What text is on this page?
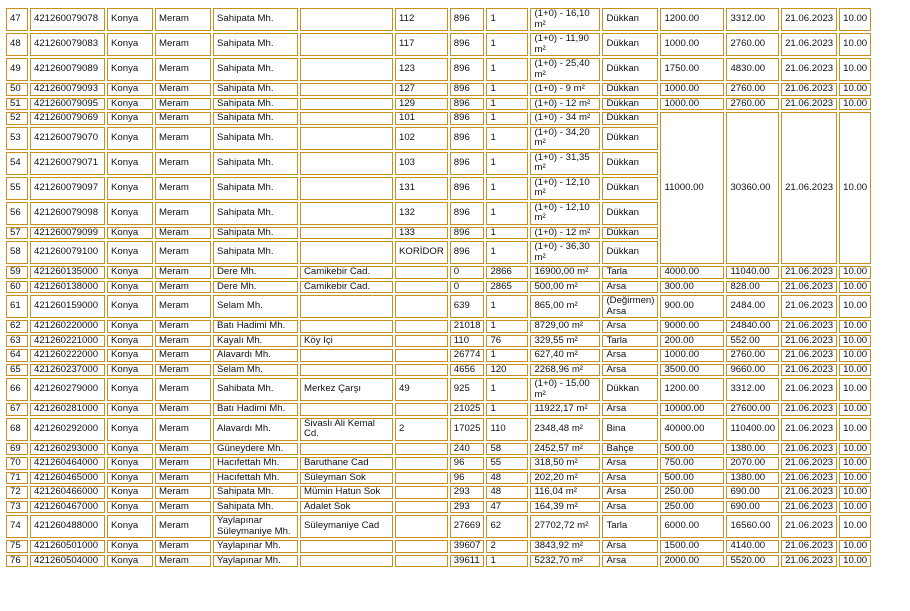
47	421260079078	Konya	Meram	Sahipata Mh.		112	896	1	(1+0) - 16,10 m²	Dükkan	1200.00	3312.00	21.06.2023	10.00
48	421260079083	Konya	Meram	Sahipata Mh.		117	896	1	(1+0) - 11,90 m²	Dükkan	1000.00	2760.00	21.06.2023	10.00
49	421260079089	Konya	Meram	Sahipata Mh.		123	896	1	(1+0) - 25,40 m²	Dükkan	1750.00	4830.00	21.06.2023	10.00
50	421260079093	Konya	Meram	Sahipata Mh.		127	896	1	(1+0) - 9 m²	Dükkan	1000.00	2760.00	21.06.2023	10.00
51	421260079095	Konya	Meram	Sahipata Mh.		129	896	1	(1+0) - 12 m²	Dükkan	1000.00	2760.00	21.06.2023	10.00
52	421260079069	Konya	Meram	Sahipata Mh.		101	896	1	(1+0) - 34 m²	Dükkan	11000.00	30360.00	21.06.2023	10.00
53	421260079070	Konya	Meram	Sahipata Mh.		102	896	1	(1+0) - 34,20 m²	Dükkan				
54	421260079071	Konya	Meram	Sahipata Mh.		103	896	1	(1+0) - 31,35 m²	Dükkan				
55	421260079097	Konya	Meram	Sahipata Mh.		131	896	1	(1+0) - 12,10 m²	Dükkan				
56	421260079098	Konya	Meram	Sahipata Mh.		132	896	1	(1+0) - 12,10 m²	Dükkan				
57	421260079099	Konya	Meram	Sahipata Mh.		133	896	1	(1+0) - 12 m²	Dükkan				
58	421260079100	Konya	Meram	Sahipata Mh.		KORİDOR	896	1	(1+0) - 36,30 m²	Dükkan				
59	421260135000	Konya	Meram	Dere Mh.	Camikebir Cad.		0	2866	16900,00 m²	Tarla	4000.00	11040.00	21.06.2023	10.00
60	421260138000	Konya	Meram	Dere Mh.	Camikebir Cad.		0	2865	500,00 m²	Arsa	300.00	828.00	21.06.2023	10.00
61	421260159000	Konya	Meram	Selam Mh.			639	1	865,00 m²	(Değirmen) Arsa	900.00	2484.00	21.06.2023	10.00
62	421260220000	Konya	Meram	Batı Hadimi Mh.			21018	1	8729,00 m²	Arsa	9000.00	24840.00	21.06.2023	10.00
63	421260221000	Konya	Meram	Kayalı Mh.	Köy İçi		110	76	329,55 m²	Tarla	200.00	552.00	21.06.2023	10.00
64	421260222000	Konya	Meram	Alavardı Mh.			26774	1	627,40 m²	Arsa	1000.00	2760.00	21.06.2023	10.00
65	421260237000	Konya	Meram	Selam Mh.			4656	120	2268,96 m²	Arsa	3500.00	9660.00	21.06.2023	10.00
66	421260279000	Konya	Meram	Sahibata Mh.	Merkez Çarşı	49	925	1	(1+0) - 15,00 m²	Dükkan	1200.00	3312.00	21.06.2023	10.00
67	421260281000	Konya	Meram	Batı Hadimi Mh.			21025	1	11922,17 m²	Arsa	10000.00	27600.00	21.06.2023	10.00
68	421260292000	Konya	Meram	Alavardı Mh.	Sivaslı Ali Kemal Cd.	2	17025	110	2348,48 m²	Bina	40000.00	110400.00	21.06.2023	10.00
69	421260293000	Konya	Meram	Güneydere Mh.			240	58	2452,57 m²	Bahçe	500.00	1380.00	21.06.2023	10.00
70	421260464000	Konya	Meram	Hacıfettah Mh.	Baruthane Cad		96	55	318,50 m²	Arsa	750.00	2070.00	21.06.2023	10.00
71	421260465000	Konya	Meram	Hacıfettah Mh.	Süleyman Sok		96	48	202,20 m²	Arsa	500.00	1380.00	21.06.2023	10.00
72	421260466000	Konya	Meram	Sahipata Mh.	Mümin Hatun Sok		293	48	116,04 m²	Arsa	250.00	690.00	21.06.2023	10.00
73	421260467000	Konya	Meram	Sahipata Mh.	Adalet Sok		293	47	164,39 m²	Arsa	250.00	690.00	21.06.2023	10.00
74	421260488000	Konya	Meram	Yaylapınar Süleymaniye Mh.	Süleymaniye Cad		27669	62	27702,72 m²	Tarla	6000.00	16560.00	21.06.2023	10.00
75	421260501000	Konya	Meram	Yaylapınar Mh.			39607	2	3843,92 m²	Arsa	1500.00	4140.00	21.06.2023	10.00
76	421260504000	Konya	Meram	Yaylapınar Mh.			39611	1	5232,70 m²	Arsa	2000.00	5520.00	21.06.2023	10.00
